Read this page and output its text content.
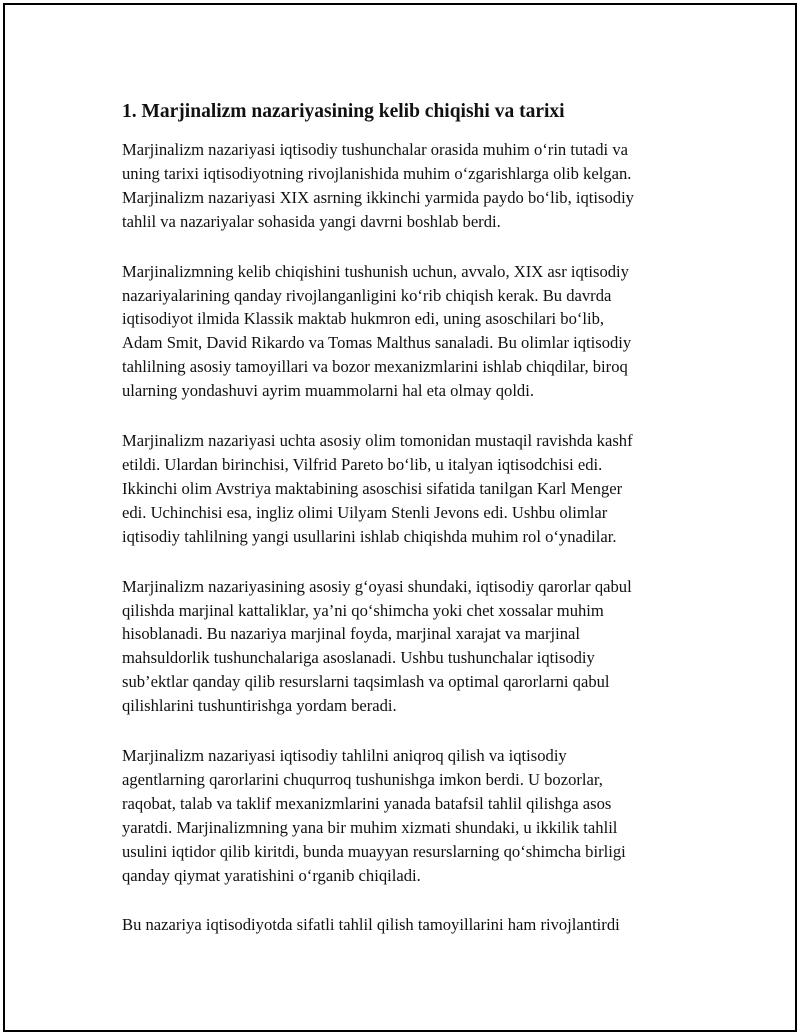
1. Marjinalizm nazariyasining kelib chiqishi va tarixi
Marjinalizm nazariyasi iqtisodiy tushunchalar orasida muhim o‘rin tutadi va
uning tarixi iqtisodiyotning rivojlanishida muhim o‘zgarishlarga olib kelgan.
Marjinalizm nazariyasi XIX asrning ikkinchi yarmida paydo bo‘lib, iqtisodiy
tahlil va nazariyalar sohasida yangi davrni boshlab berdi.
Marjinalizmning kelib chiqishini tushunish uchun, avvalo, XIX asr iqtisodiy
nazariyalarining qanday rivojlanganligini ko‘rib chiqish kerak. Bu davrda
iqtisodiyot ilmida Klassik maktab hukmron edi, uning asoschilari bo‘lib,
Adam Smit, David Rikardo va Tomas Malthus sanaladi. Bu olimlar iqtisodiy
tahlilning asosiy tamoyillari va bozor mexanizmlarini ishlab chiqdilar, biroq
ularning yondashuvi ayrim muammolarni hal eta olmay qoldi.
Marjinalizm nazariyasi uchta asosiy olim tomonidan mustaqil ravishda kashf
etildi. Ulardan birinchisi, Vilfrid Pareto bo‘lib, u italyan iqtisodchisi edi.
Ikkinchi olim Avstriya maktabining asoschisi sifatida tanilgan Karl Menger
edi. Uchinchisi esa, ingliz olimi Uilyam Stenli Jevons edi. Ushbu olimlar
iqtisodiy tahlilning yangi usullarini ishlab chiqishda muhim rol o‘ynadilar.
Marjinalizm nazariyasining asosiy g‘oyasi shundaki, iqtisodiy qarorlar qabul
qilishda marjinal kattaliklar, ya’ni qo‘shimcha yoki chet xossalar muhim
hisoblanadi. Bu nazariya marjinal foyda, marjinal xarajat va marjinal
mahsuldorlik tushunchalariga asoslanadi. Ushbu tushunchalar iqtisodiy
sub’ektlar qanday qilib resurslarni taqsimlash va optimal qarorlarni qabul
qilishlarini tushuntirishga yordam beradi.
Marjinalizm nazariyasi iqtisodiy tahlilni aniqroq qilish va iqtisodiy
agentlarning qarorlarini chuqurroq tushunishga imkon berdi. U bozorlar,
raqobat, talab va taklif mexanizmlarini yanada batafsil tahlil qilishga asos
yaratdi. Marjinalizmning yana bir muhim xizmati shundaki, u ikkilik tahlil
usulini iqtidor qilib kiritdi, bunda muayyan resurslarning qo‘shimcha birligi
qanday qiymat yaratishini o‘rganib chiqiladi.
Bu nazariya iqtisodiyotda sifatli tahlil qilish tamoyillarini ham rivojlantirdi
